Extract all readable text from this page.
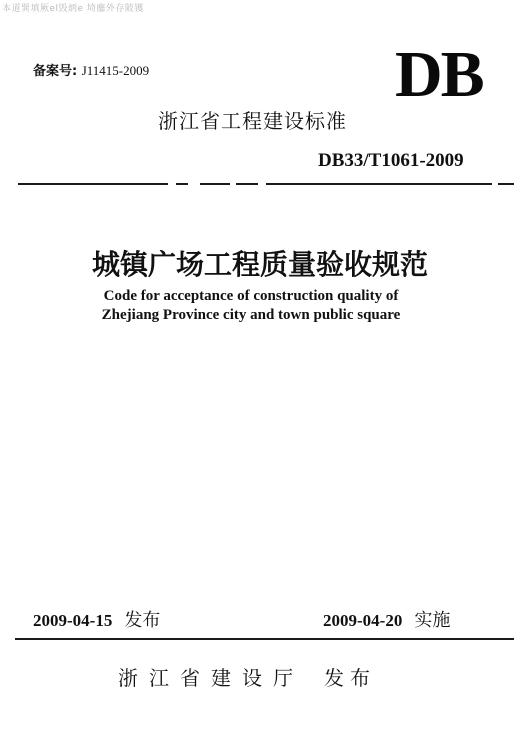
本道巽填厥el毁炳e 埼鏖外存陂镬
备案号: J11415-2009	DB
浙江省工程建设标准
DB33/T1061-2009
城镇广场工程质量验收规范
Code for acceptance of construction quality of
Zhejiang Province city and town public square
2009-04-15 发布	2009-04-20 实施
浙江省建设厅 发布
